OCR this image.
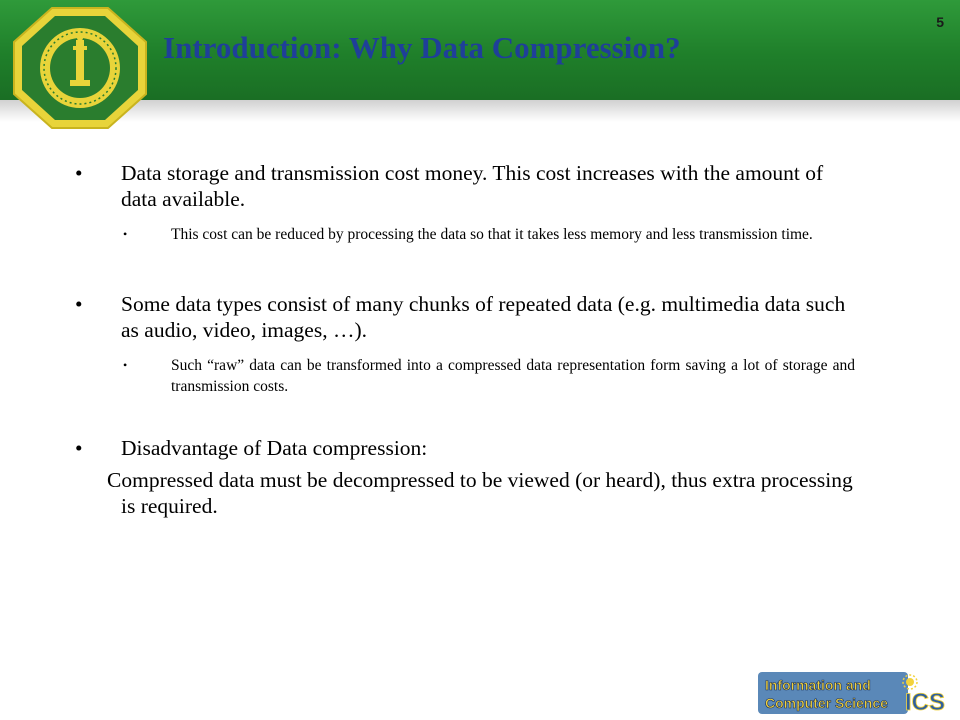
Introduction: Why Data Compression?
5
• Data storage and transmission cost money. This cost increases with the amount of data available.
•	This cost can be reduced by processing the data so that it takes less memory and less transmission time.
• Some data types consist of many chunks of repeated data (e.g. multimedia data such as audio, video, images, …).
•	Such “raw” data can be transformed into a compressed data representation form saving a lot of storage and transmission costs.
• Disadvantage of Data compression:
Compressed data must be decompressed to be viewed (or heard), thus extra processing is required.
Information and
Computer Science ICS
